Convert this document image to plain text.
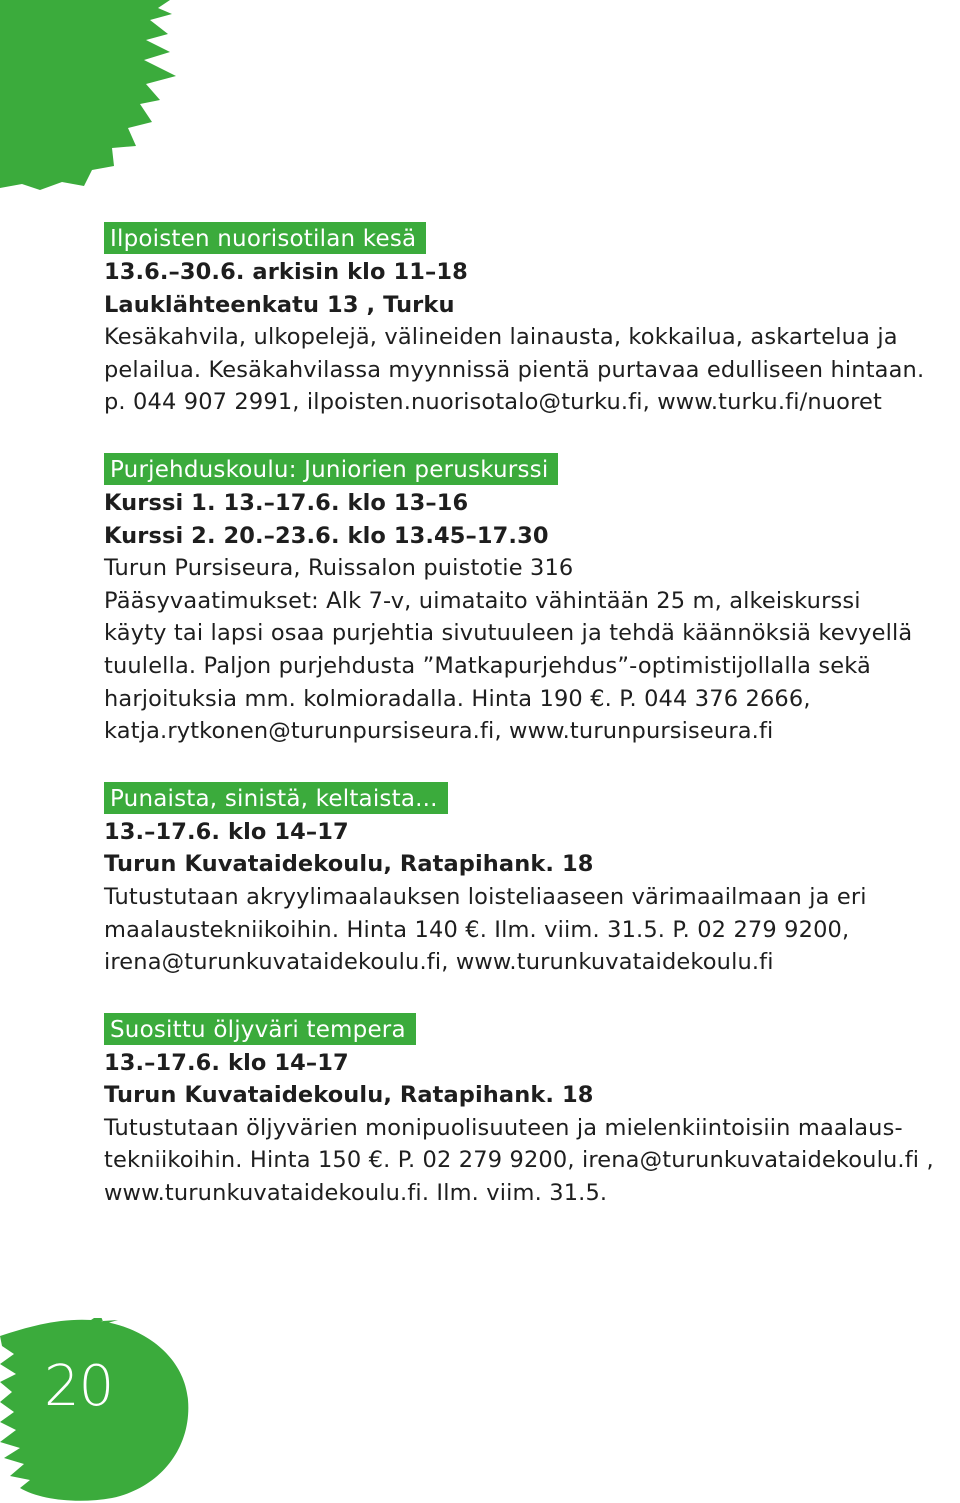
20
Ilpoisten nuorisotilan kesä
13.6.–30.6. arkisin klo 11–18
Lauklähteenkatu 13 , Turku
Kesäkahvila, ulkopelejä, välineiden lainausta, kokkailua, askartelua ja
pelailua. Kesäkahvilassa myynnissä pientä purtavaa edulliseen hintaan.
p. 044 907 2991, ilpoisten.nuorisotalo@turku.fi, www.turku.fi/nuoret
Purjehduskoulu: Juniorien peruskurssi
Kurssi 1. 13.–17.6. klo 13–16
Kurssi 2. 20.–23.6. klo 13.45–17.30
Turun Pursiseura, Ruissalon puistotie 316
Pääsyvaatimukset: Alk 7-v, uimataito vähintään 25 m, alkeiskurssi
käyty tai lapsi osaa purjehtia sivutuuleen ja tehdä käännöksiä kevyellä
tuulella. Paljon purjehdusta ”Matkapurjehdus”-optimistijollalla sekä
harjoituksia mm. kolmioradalla. Hinta 190 €. P. 044 376 2666,
katja.rytkonen@turunpursiseura.fi, www.turunpursiseura.fi
Punaista, sinistä, keltaista...
13.–17.6. klo 14–17
Turun Kuvataidekoulu, Ratapihank. 18
Tutustutaan akryylimaalauksen loisteliaaseen värimaailmaan ja eri
maalaustekniikoihin. Hinta 140 €. Ilm. viim. 31.5. P. 02 279 9200,
irena@turunkuvataidekoulu.fi, www.turunkuvataidekoulu.fi
Suosittu öljyväri tempera
13.–17.6. klo 14–17
Turun Kuvataidekoulu, Ratapihank. 18
Tutustutaan öljyvärien monipuolisuuteen ja mielenkiintoisiin maalaus-
tekniikoihin. Hinta 150 €. P. 02 279 9200, irena@turunkuvataidekoulu.fi ,
www.turunkuvataidekoulu.fi. Ilm. viim. 31.5.
